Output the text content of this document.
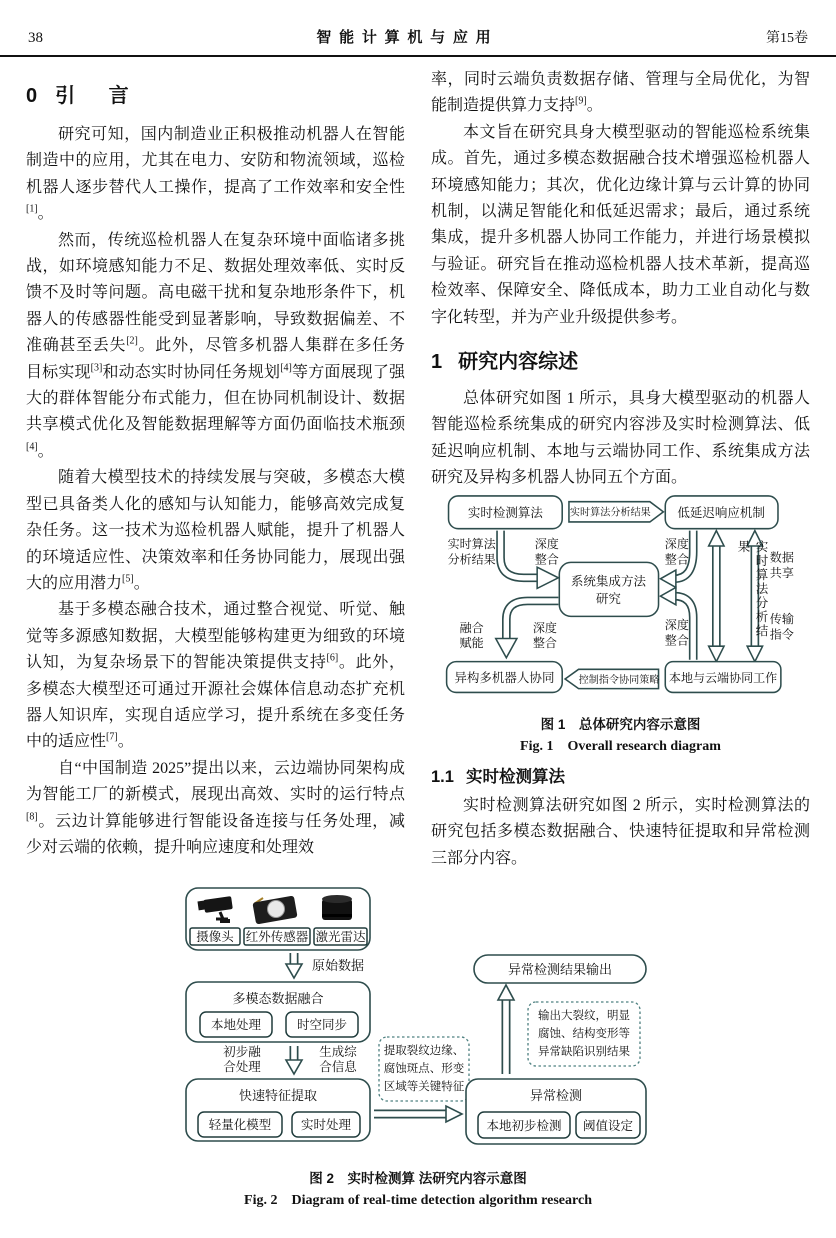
38	智 能 计 算 机 与 应 用	第15卷
0 引 言

研究可知，国内制造业正积极推动机器人在智能制造中的应用，尤其在电力、安防和物流领域，巡检机器人逐步替代人工操作，提高了工作效率和安全性[1]。

然而，传统巡检机器人在复杂环境中面临诸多挑战，如环境感知能力不足、数据处理效率低、实时反馈不及时等问题。高电磁干扰和复杂地形条件下，机器人的传感器性能受到显著影响，导致数据偏差、不准确甚至丢失[2]。此外，尽管多机器人集群在多任务目标实现[3]和动态实时协同任务规划[4]等方面展现了强大的群体智能分布式能力，但在协同机制设计、数据共享模式优化及智能数据理解等方面仍面临技术瓶颈[4]。

随着大模型技术的持续发展与突破，多模态大模型已具备类人化的感知与认知能力，能够高效完成复杂任务。这一技术为巡检机器人赋能，提升了机器人的环境适应性、决策效率和任务协同能力，展现出强大的应用潜力[5]。

基于多模态融合技术，通过整合视觉、听觉、触觉等多源感知数据，大模型能够构建更为细致的环境认知，为复杂场景下的智能决策提供支持[6]。此外，多模态大模型还可通过开源社会媒体信息动态扩充机器人知识库，实现自适应学习，提升系统在多变任务中的适应性[7]。

自“中国制造 2025”提出以来，云边端协同架构成为智能工厂的新模式，展现出高效、实时的运行特点[8]。云边计算能够进行智能设备连接与任务处理，减少对云端的依赖，提升响应速度和处理效

率，同时云端负责数据存储、管理与全局优化，为智能制造提供算力支持[9]。

本文旨在研究具身大模型驱动的智能巡检系统集成。首先，通过多模态数据融合技术增强巡检机器人环境感知能力；其次，优化边缘计算与云计算的协同机制，以满足智能化和低延迟需求；最后，通过系统集成，提升多机器人协同工作能力，并进行场景模拟与验证。研究旨在推动巡检机器人技术革新，提高巡检效率、保障安全、降低成本，助力工业自动化与数字化转型，并为产业升级提供参考。

1 研究内容综述

总体研究如图 1 所示，具身大模型驱动的机器人智能巡检系统集成的研究内容涉及实时检测算法、低延迟响应机制、本地与云端协同工作、系统集成方法研究及异构多机器人协同五个方面。

实时检测算法	实时算法分析结果 低延迟响应机制
系统集成方法
研究
异构多机器人协同 控制指令协同策略 本地与云端协同工作
实时算法
分析结果
深度
整合
融合
赋能
深度
整合
深度
整合
深度
整合
数据
共享
传输
指令
实时算法分析结果
图 1　总体研究内容示意图
Fig. 1　Overall research diagram
1.1 实时检测算法

实时检测算法研究如图 2 所示，实时检测算法的研究包括多模态数据融合、快速特征提取和异常检测三部分内容。

摄像头 红外传感器 激光雷达
原始数据
多模态数据融合
本地处理	时空同步
初步融
合处理
生成综
合信息
快速特征提取
轻量化模型 实时处理
提取裂纹边缘、
腐蚀斑点、形变
区域等关键特征
异常检测
本地初步检测 阈值设定
异常检测结果输出
输出大裂纹，明显
腐蚀、结构变形等
异常缺陷识别结果
图 2　实时检测算 法研究内容示意图
Fig. 2　Diagram of real-time detection algorithm research
